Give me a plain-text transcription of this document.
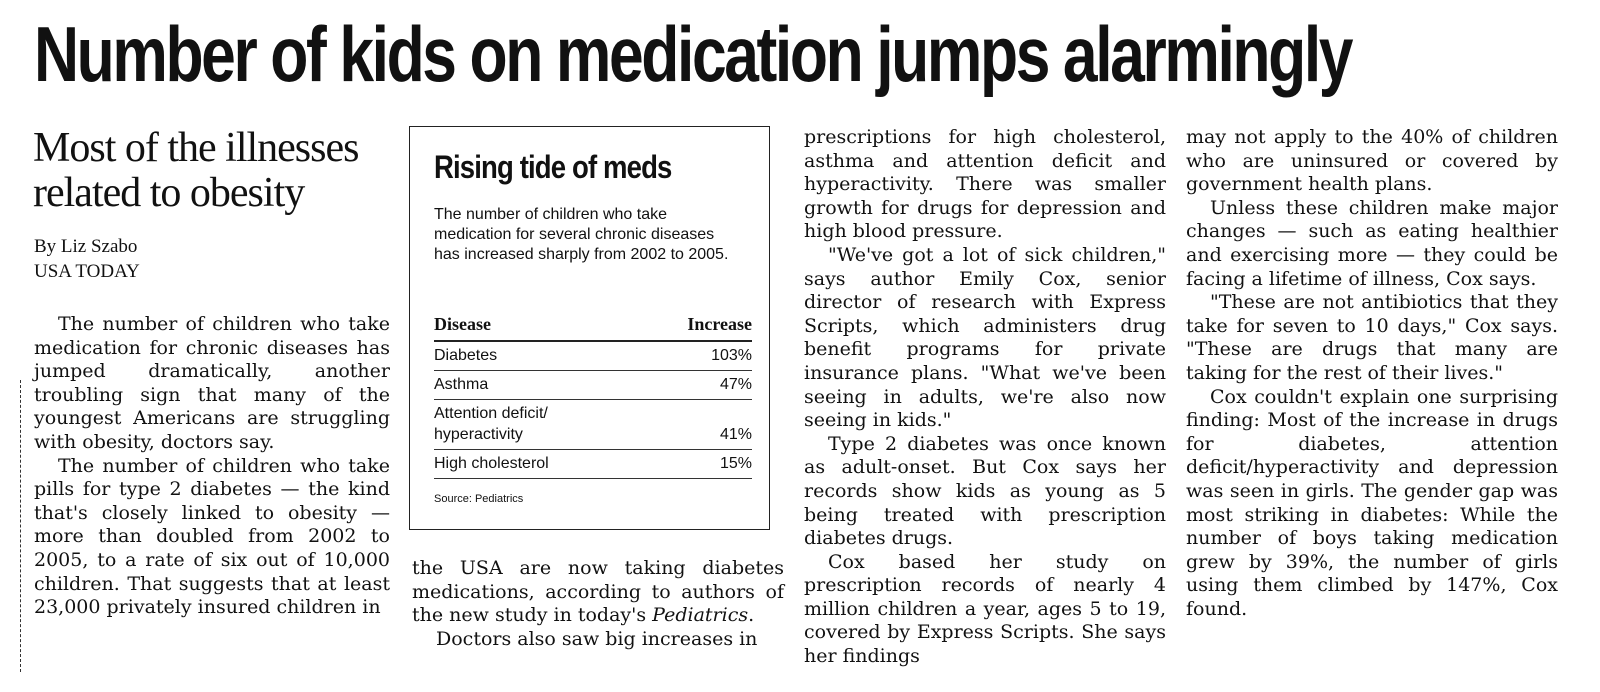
Number of kids on medication jumps alarmingly
Most of the illnesses related to obesity
By Liz Szabo
USA TODAY
Rising tide of meds
The number of children who take medication for several chronic diseases has increased sharply from 2002 to 2005.
Disease	Increase
Diabetes	103%
Asthma	47%
Attention deficit/ hyperactivity	41%
High cholesterol	15%
Source: Pediatrics

The number of children who take medication for chronic diseases has jumped dramatically, another troubling sign that many of the youngest Americans are struggling with obesity, doctors say.

The number of children who take pills for type 2 diabetes — the kind that's closely linked to obesity — more than doubled from 2002 to 2005, to a rate of six out of 10,000 children. That suggests that at least 23,000 privately insured children in

the USA are now taking diabetes medications, according to authors of the new study in today's Pediatrics.

Doctors also saw big increases in

prescriptions for high cholesterol, asthma and attention deficit and hyperactivity. There was smaller growth for drugs for depression and high blood pressure.

"We've got a lot of sick children," says author Emily Cox, senior director of research with Express Scripts, which administers drug benefit programs for private insurance plans. "What we've been seeing in adults, we're also now seeing in kids."

Type 2 diabetes was once known as adult-onset. But Cox says her records show kids as young as 5 being treated with prescription diabetes drugs.

Cox based her study on prescription records of nearly 4 million children a year, ages 5 to 19, covered by Express Scripts. She says her findings

may not apply to the 40% of children who are uninsured or covered by government health plans.

Unless these children make major changes — such as eating healthier and exercising more — they could be facing a lifetime of illness, Cox says.

"These are not antibiotics that they take for seven to 10 days," Cox says. "These are drugs that many are taking for the rest of their lives."

Cox couldn't explain one surprising finding: Most of the increase in drugs for diabetes, attention deficit/hyperactivity and depression was seen in girls. The gender gap was most striking in diabetes: While the number of boys taking medication grew by 39%, the number of girls using them climbed by 147%, Cox found.
